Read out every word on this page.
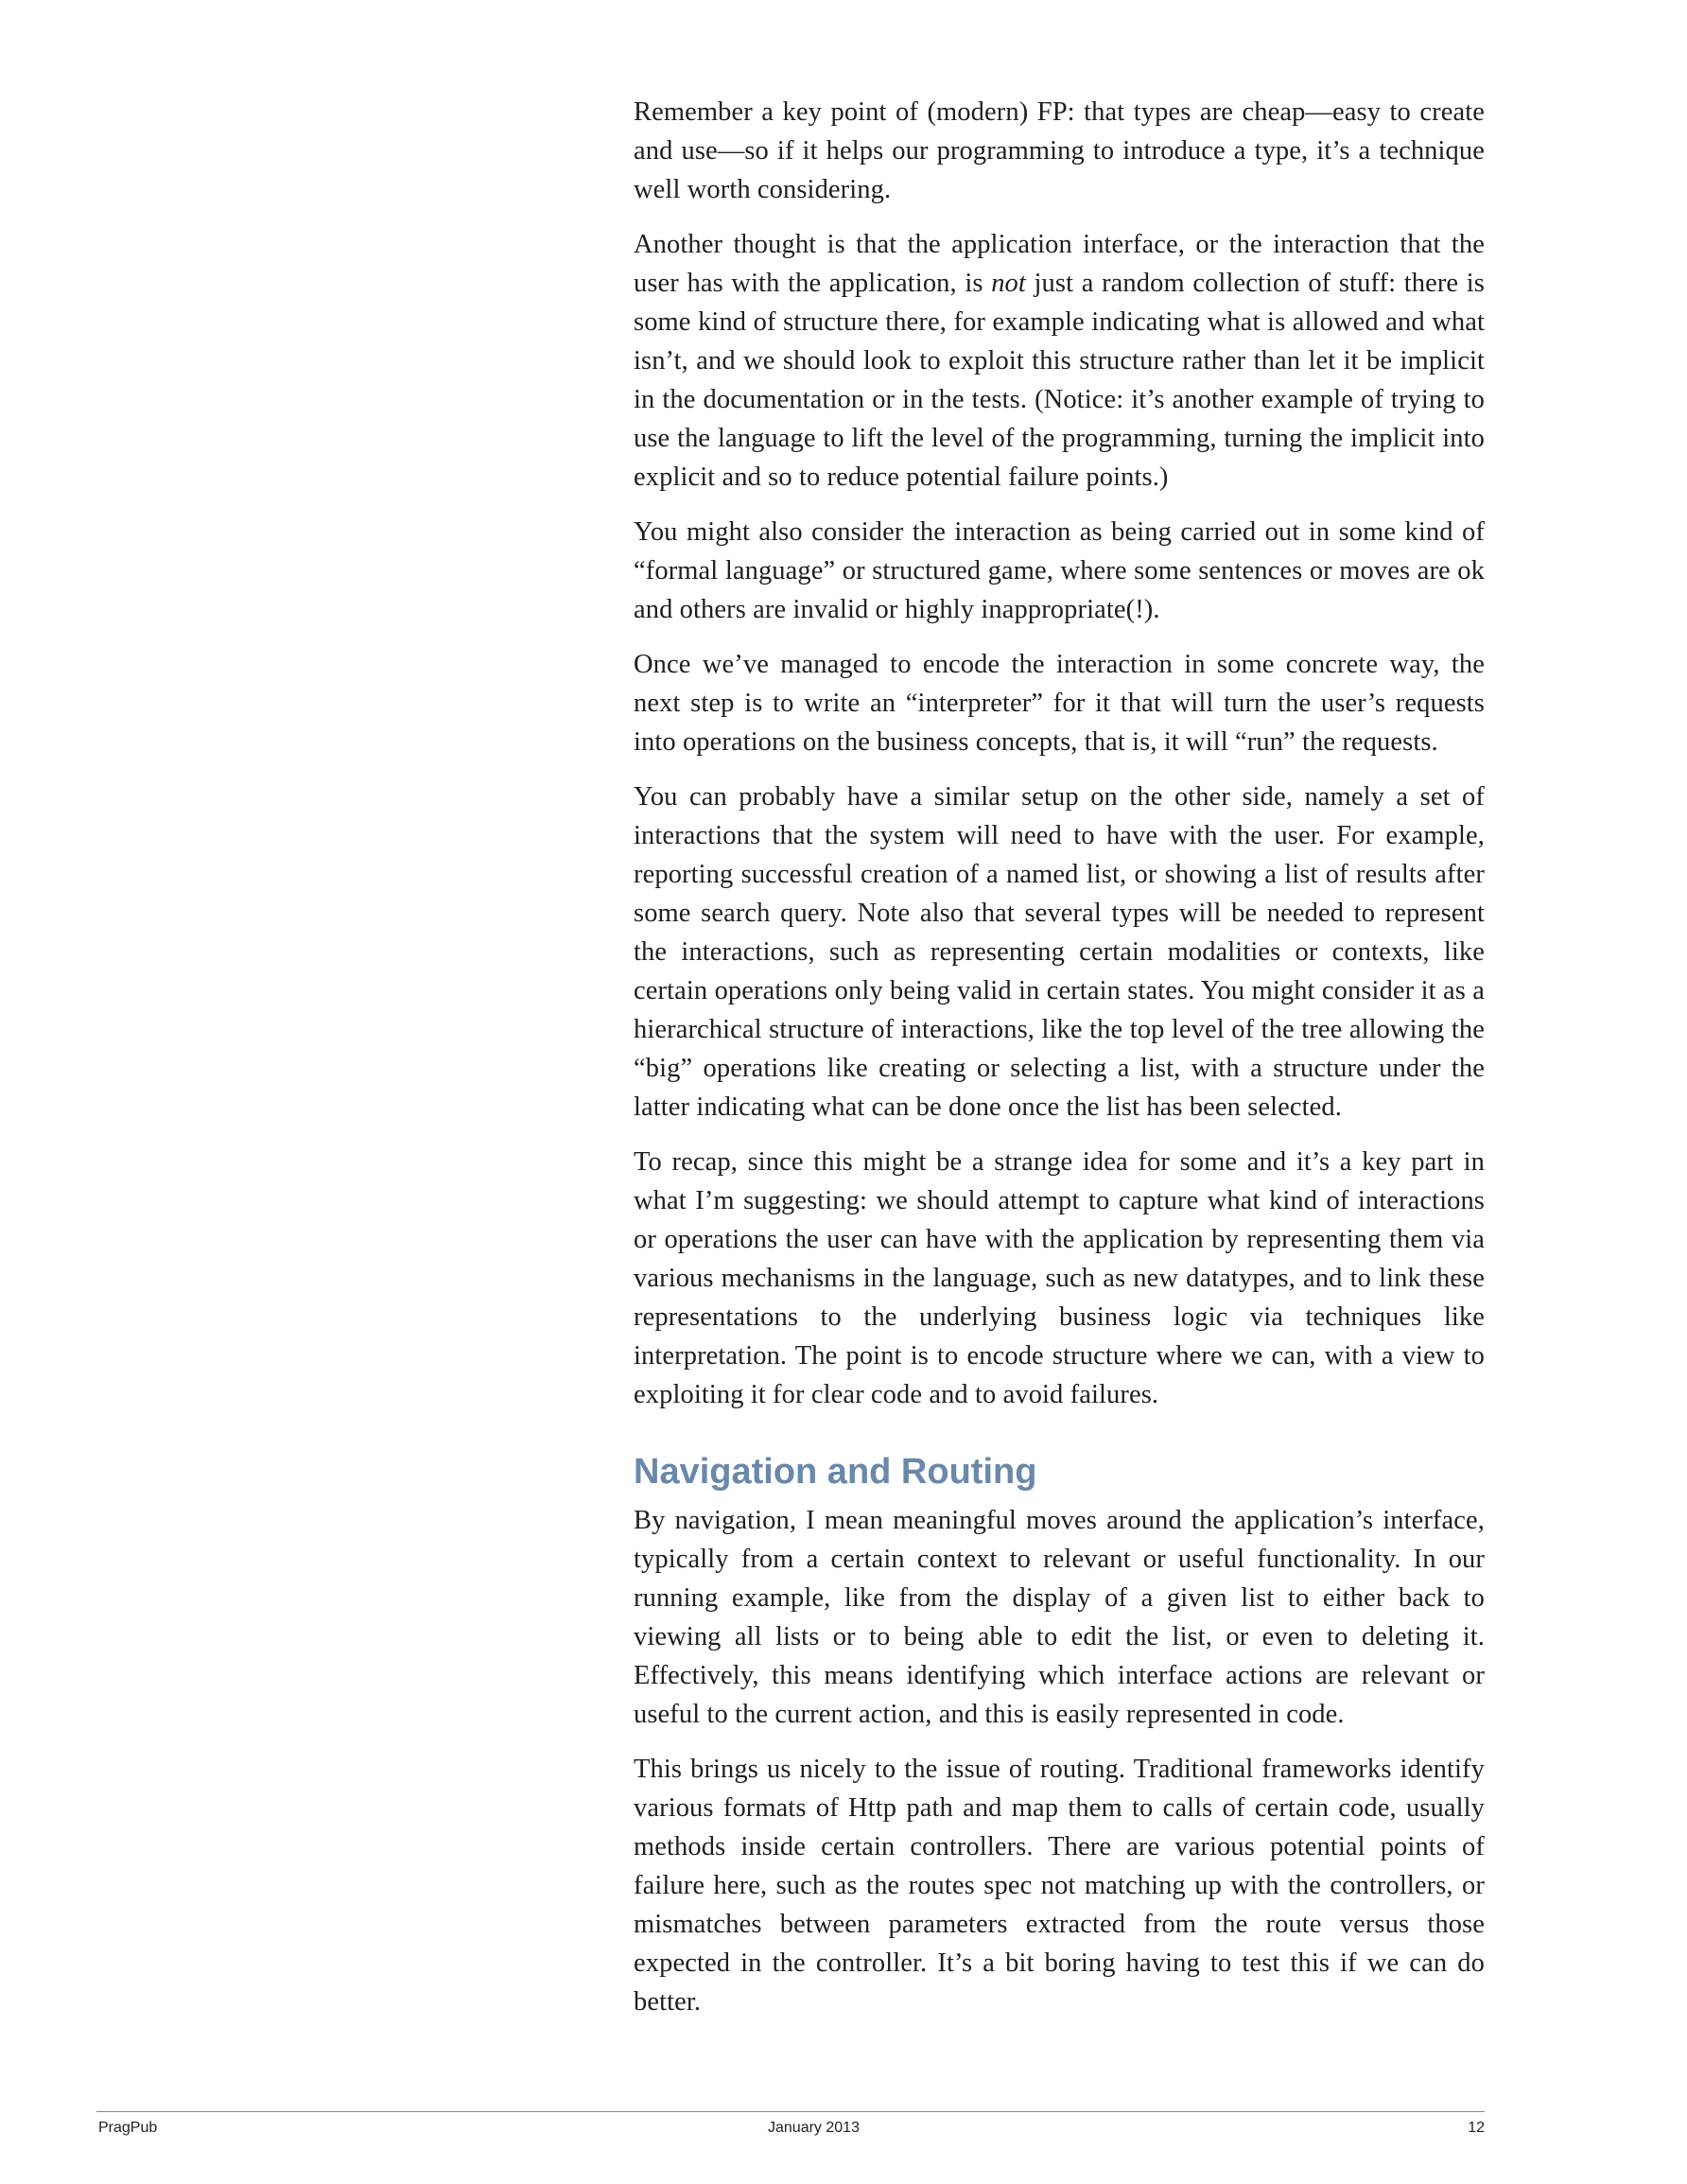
Remember a key point of (modern) FP: that types are cheap—easy to create and use—so if it helps our programming to introduce a type, it’s a technique well worth considering.

Another thought is that the application interface, or the interaction that the user has with the application, is not just a random collection of stuff: there is some kind of structure there, for example indicating what is allowed and what isn’t, and we should look to exploit this structure rather than let it be implicit in the documentation or in the tests. (Notice: it’s another example of trying to use the language to lift the level of the programming, turning the implicit into explicit and so to reduce potential failure points.)

You might also consider the interaction as being carried out in some kind of “formal language” or structured game, where some sentences or moves are ok and others are invalid or highly inappropriate(!).

Once we’ve managed to encode the interaction in some concrete way, the next step is to write an “interpreter” for it that will turn the user’s requests into operations on the business concepts, that is, it will “run” the requests.

You can probably have a similar setup on the other side, namely a set of interactions that the system will need to have with the user. For example, reporting successful creation of a named list, or showing a list of results after some search query. Note also that several types will be needed to represent the interactions, such as representing certain modalities or contexts, like certain operations only being valid in certain states. You might consider it as a hierarchical structure of interactions, like the top level of the tree allowing the “big” operations like creating or selecting a list, with a structure under the latter indicating what can be done once the list has been selected.

To recap, since this might be a strange idea for some and it’s a key part in what I’m suggesting: we should attempt to capture what kind of interactions or operations the user can have with the application by representing them via various mechanisms in the language, such as new datatypes, and to link these representations to the underlying business logic via techniques like interpretation. The point is to encode structure where we can, with a view to exploiting it for clear code and to avoid failures.

Navigation and Routing

By navigation, I mean meaningful moves around the application’s interface, typically from a certain context to relevant or useful functionality. In our running example, like from the display of a given list to either back to viewing all lists or to being able to edit the list, or even to deleting it. Effectively, this means identifying which interface actions are relevant or useful to the current action, and this is easily represented in code.

This brings us nicely to the issue of routing. Traditional frameworks identify various formats of Http path and map them to calls of certain code, usually methods inside certain controllers. There are various potential points of failure here, such as the routes spec not matching up with the controllers, or mismatches between parameters extracted from the route versus those expected in the controller. It’s a bit boring having to test this if we can do better.

PragPub	January 2013	12
